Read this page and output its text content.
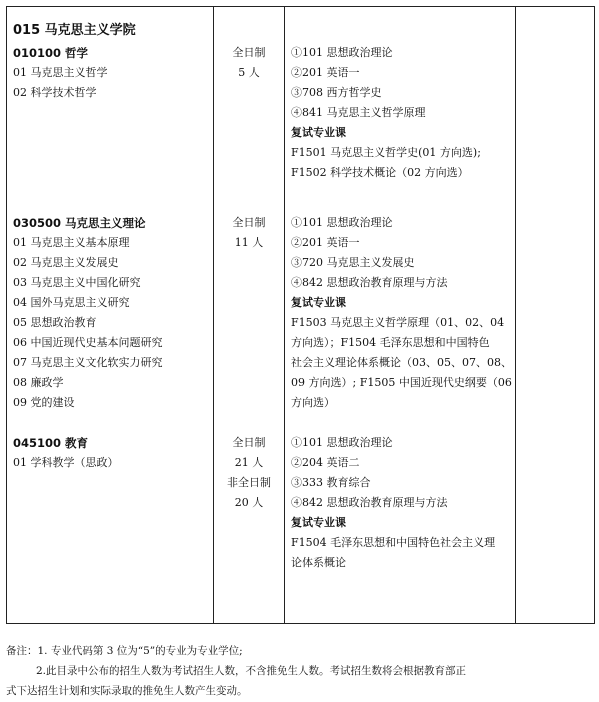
015 马克思主义学院
010100 哲学
01 马克思主义哲学
02 科学技术哲学
全日制
5 人
①101 思想政治理论
②201 英语一
③708 西方哲学史
④841 马克思主义哲学原理
复试专业课
F1501 马克思主义哲学史(01 方向选);
F1502 科学技术概论（02 方向选）
030500 马克思主义理论
01 马克思主义基本原理
02 马克思主义发展史
03 马克思主义中国化研究
04 国外马克思主义研究
05 思想政治教育
06 中国近现代史基本问题研究
07 马克思主义文化软实力研究
08 廉政学
09 党的建设
全日制
11 人
①101 思想政治理论
②201 英语一
③720 马克思主义发展史
④842 思想政治教育原理与方法
复试专业课
F1503 马克思主义哲学原理（01、02、04
方向选）；F1504 毛泽东思想和中国特色
社会主义理论体系概论（03、05、07、08、
09 方向选）; F1505 中国近现代史纲要（06
方向选）
045100 教育
01 学科教学（思政）
全日制
21 人
非全日制
20 人
①101 思想政治理论
②204 英语二
③333 教育综合
④842 思想政治教育原理与方法
复试专业课
F1504 毛泽东思想和中国特色社会主义理
论体系概论
备注：1. 专业代码第 3 位为“5”的专业为专业学位;
2.此目录中公布的招生人数为考试招生人数，不含推免生人数。考试招生数将会根据教育部正
式下达招生计划和实际录取的推免生人数产生变动。
